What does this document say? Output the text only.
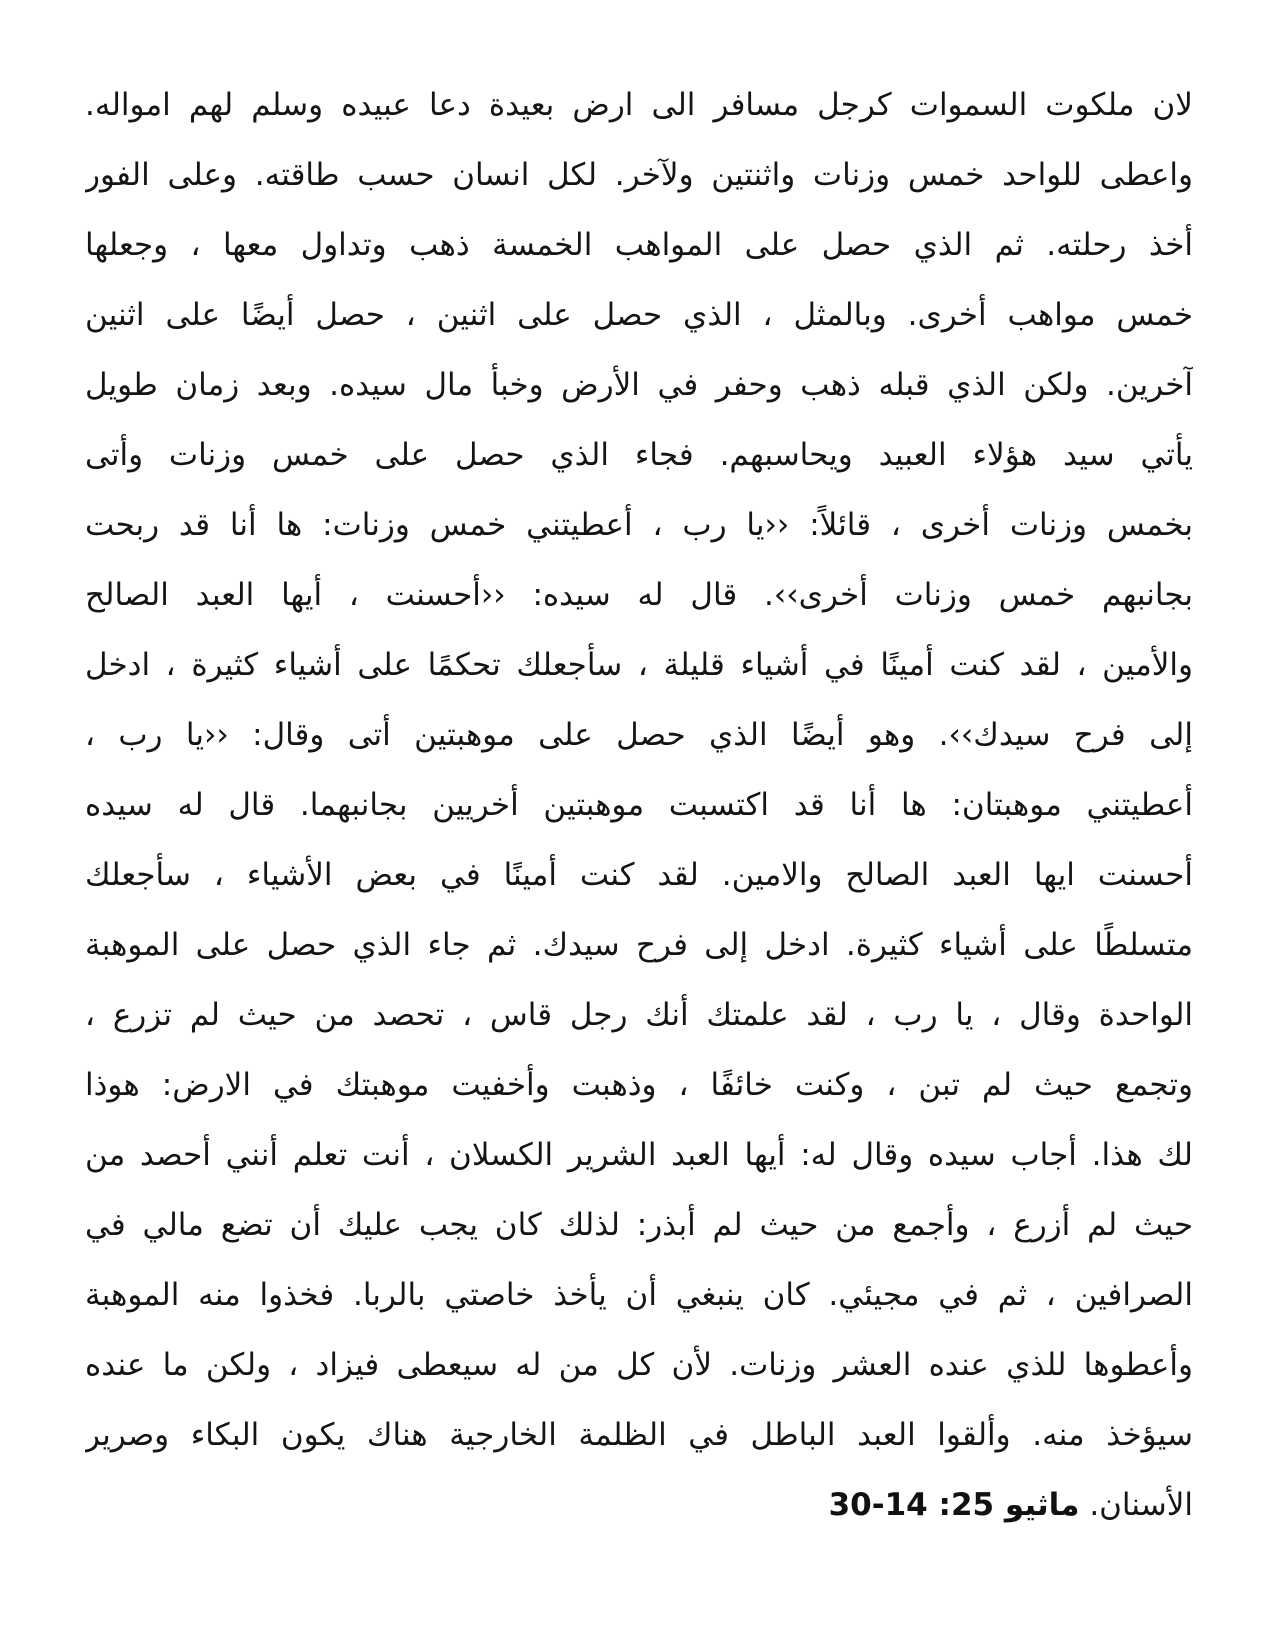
لان ملكوت السموات كرجل مسافر الى ارض بعيدة دعا عبيده وسلم لهم امواله.
واعطى للواحد خمس وزنات واثنتين ولآخر. لكل انسان حسب طاقته. وعلى الفور
أخذ رحلته. ثم الذي حصل على المواهب الخمسة ذهب وتداول معها ، وجعلها
خمس مواهب أخرى. وبالمثل ، الذي حصل على اثنين ، حصل أيضًا على اثنين
آخرين. ولكن الذي قبله ذهب وحفر في الأرض وخبأ مال سيده. وبعد زمان طويل
يأتي سيد هؤلاء العبيد ويحاسبهم. فجاء الذي حصل على خمس وزنات وأتى
بخمس وزنات أخرى ، قائلاً: ‹‹يا رب ، أعطيتني خمس وزنات: ها أنا قد ربحت
بجانبهم خمس وزنات أخرى››. قال له سيده: ‹‹أحسنت ، أيها العبد الصالح
والأمين ، لقد كنت أمينًا في أشياء قليلة ، سأجعلك تحكمًا على أشياء كثيرة ، ادخل
إلى فرح سيدك››. وهو أيضًا الذي حصل على موهبتين أتى وقال: ‹‹يا رب ،
أعطيتني موهبتان: ها أنا قد اكتسبت موهبتين أخريين بجانبهما. قال له سيده
أحسنت ايها العبد الصالح والامين. لقد كنت أمينًا في بعض الأشياء ، سأجعلك
متسلطًا على أشياء كثيرة. ادخل إلى فرح سيدك. ثم جاء الذي حصل على الموهبة
الواحدة وقال ، يا رب ، لقد علمتك أنك رجل قاس ، تحصد من حيث لم تزرع ،
وتجمع حيث لم تبن ، وكنت خائفًا ، وذهبت وأخفيت موهبتك في الارض: هوذا
لك هذا. أجاب سيده وقال له: أيها العبد الشرير الكسلان ، أنت تعلم أنني أحصد من
حيث لم أزرع ، وأجمع من حيث لم أبذر: لذلك كان يجب عليك أن تضع مالي في
الصرافين ، ثم في مجيئي. كان ينبغي أن يأخذ خاصتي بالربا. فخذوا منه الموهبة
وأعطوها للذي عنده العشر وزنات. لأن كل من له سيعطى فيزاد ، ولكن ما عنده
سيؤخذ منه. وألقوا العبد الباطل في الظلمة الخارجية هناك يكون البكاء وصرير
الأسنان. ماثيو 25: 14-30
